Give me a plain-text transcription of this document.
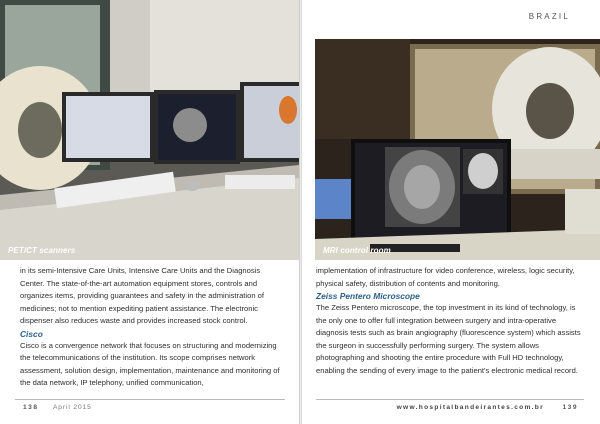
PET/CT scanners

in its semi-Intensive Care Units, Intensive Care Units and the Diagnosis Center. The state-of-the-art automation equipment stores, controls and organizes items, providing guarantees and safety in the administration of medicines; not to mention expediting patient assistance. The electronic dispenser also reduces waste and provides increased stock control.

Cisco

Cisco is a convergence network that focuses on structuring and modernizing the telecommunications of the institution. Its scope comprises network assessment, solution design, implementation, maintenance and monitoring of the data network, IP telephony, unified communication,

138 April 2015
BRAZIL
MRI control room

implementation of infrastructure for video conference, wireless, logic security, physical safety, distribution of contents and monitoring.

Zeiss Pentero Microscope

The Zeiss Pentero microscope, the top investment in its kind of technology, is the only one to offer full integration between surgery and intra-operative diagnosis tests such as brain angiography (fluorescence system) which assists the surgeon in successfully performing surgery. The system allows photographing and shooting the entire procedure with Full HD technology, enabling the sending of every image to the patient's electronic medical record.

www.hospitalbandeirantes.com.br	139
